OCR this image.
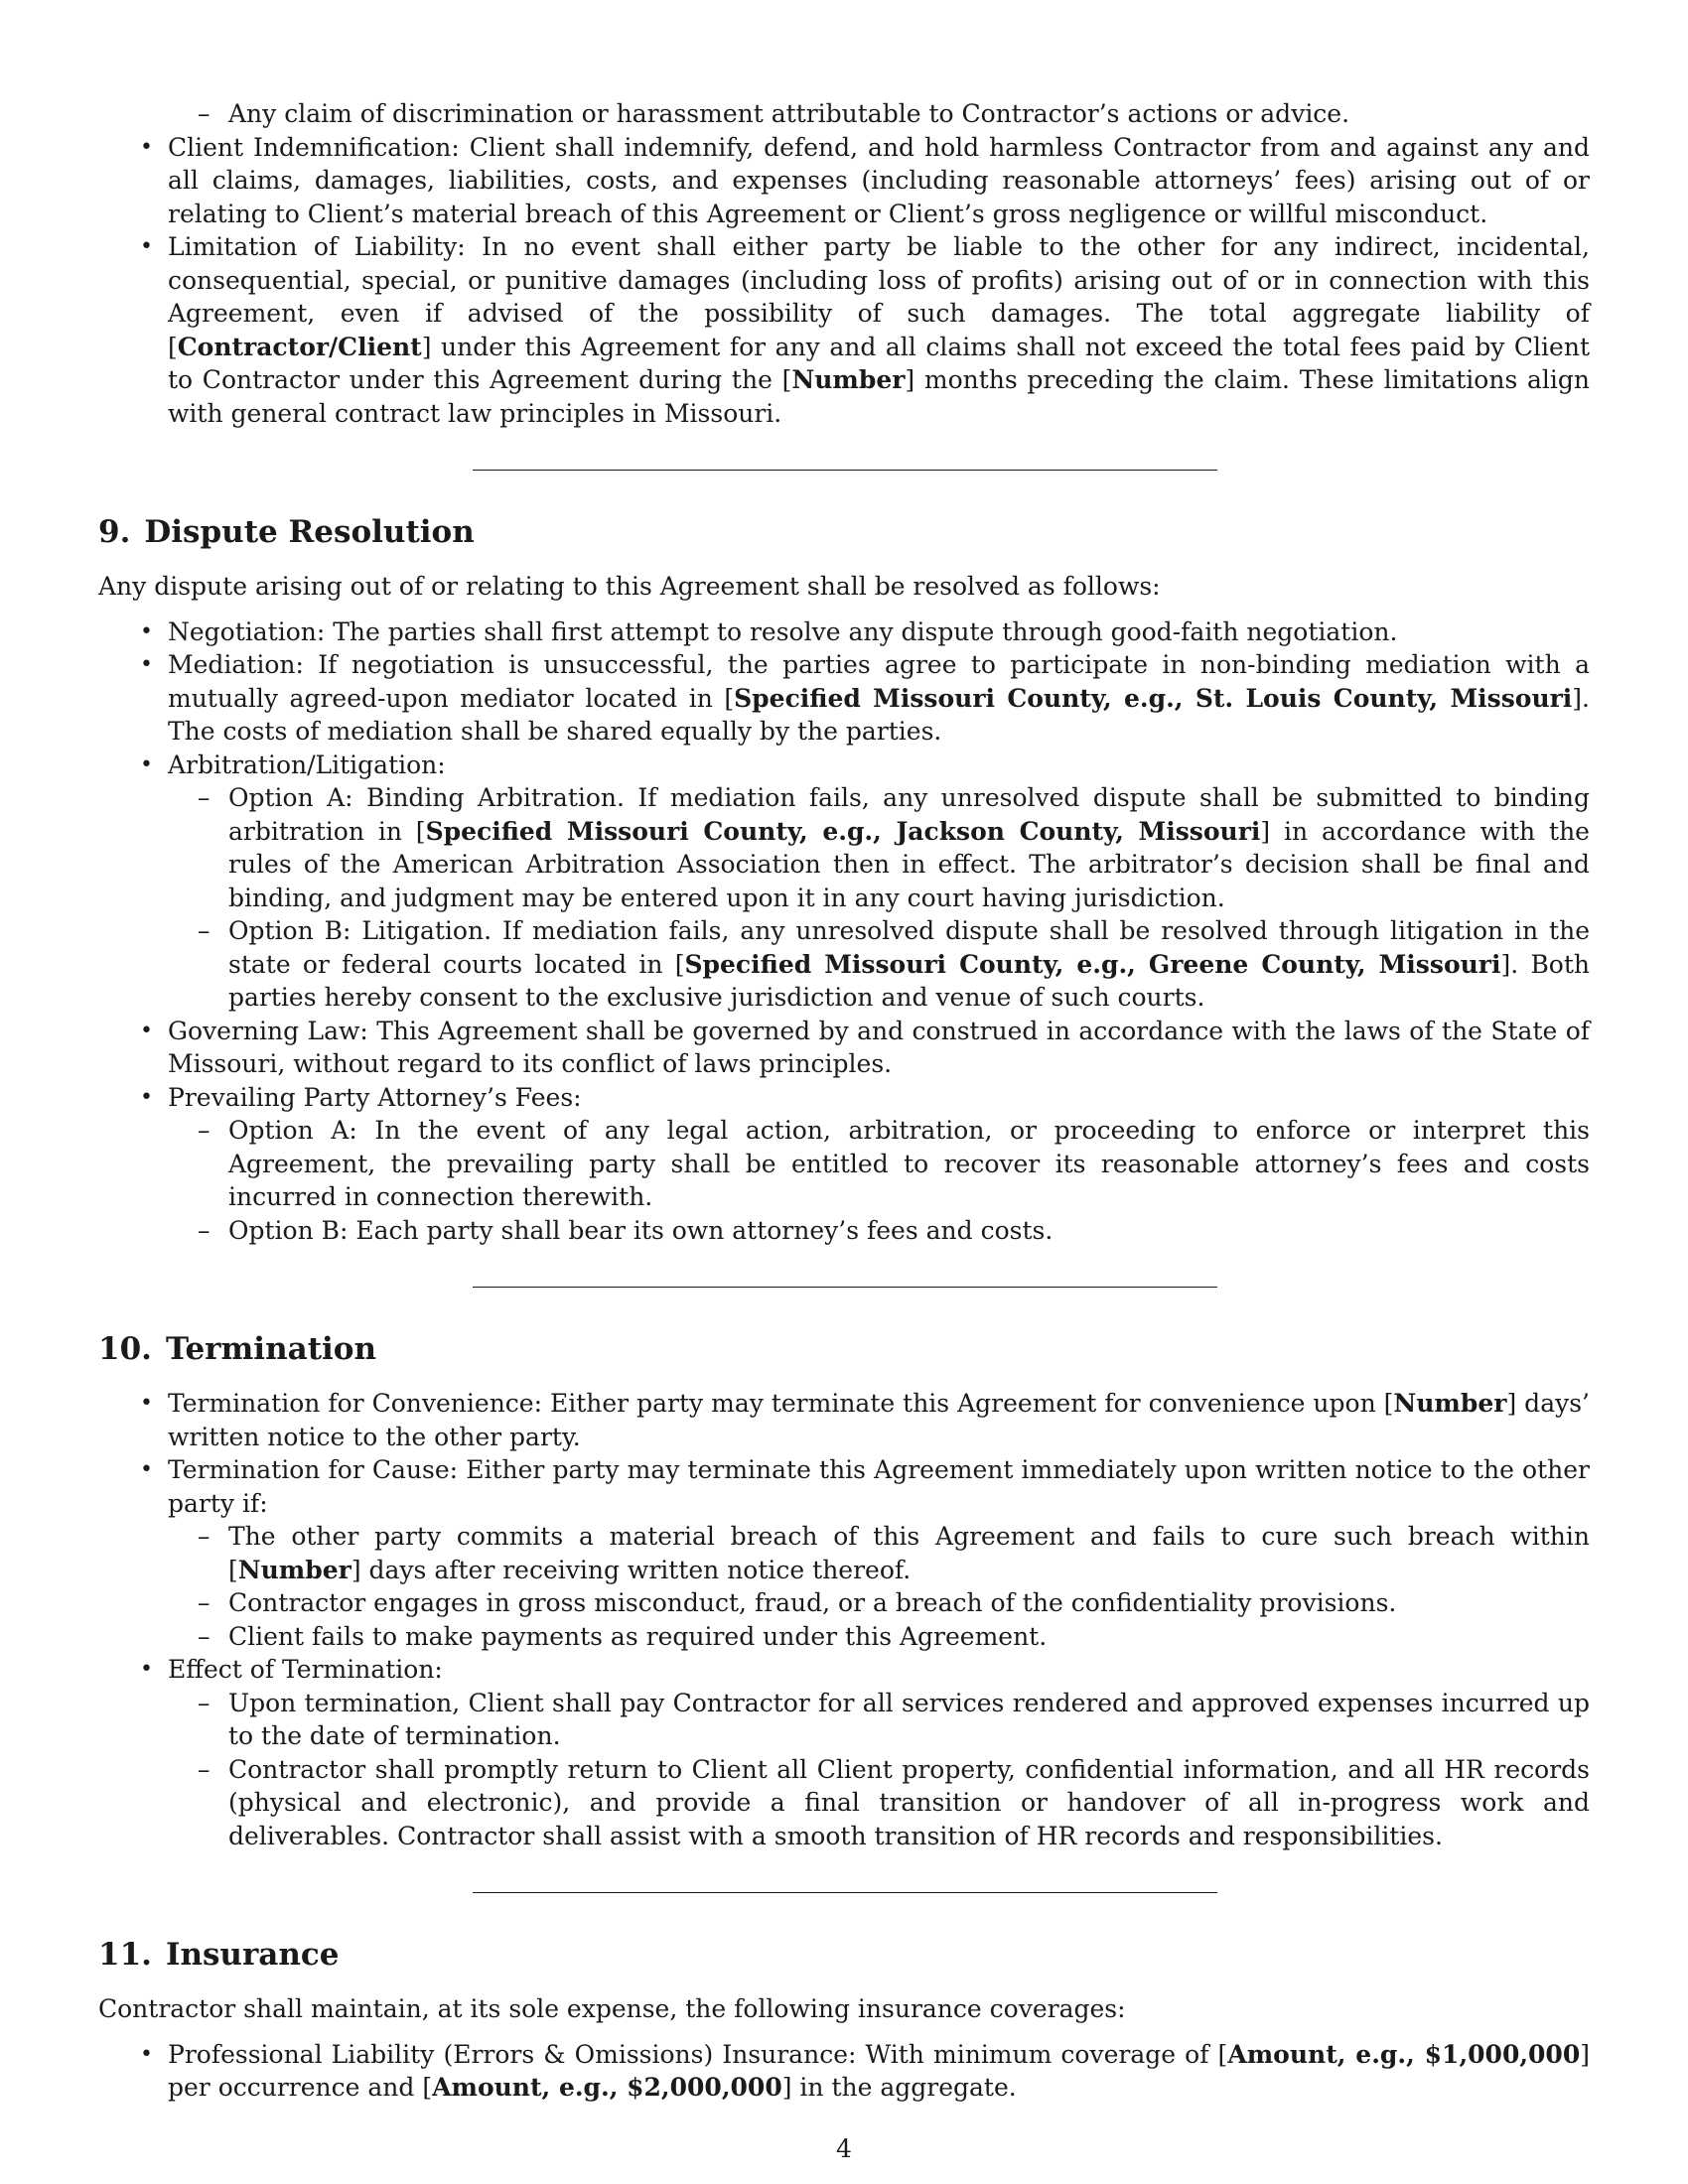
– Any claim of discrimination or harassment attributable to Contractor’s actions or advice.
• Client Indemnification: Client shall indemnify, defend, and hold harmless Contractor from and against any and all claims, damages, liabilities, costs, and expenses (including reasonable attorneys’ fees) arising out of or relating to Client’s material breach of this Agreement or Client’s gross negligence or willful misconduct.
• Limitation of Liability: In no event shall either party be liable to the other for any indirect, incidental, consequential, special, or punitive damages (including loss of profits) arising out of or in connection with this Agreement, even if advised of the possibility of such damages. The total aggregate liability of [Contractor/Client] under this Agreement for any and all claims shall not exceed the total fees paid by Client to Contractor under this Agreement during the [Number] months preceding the claim. These limitations align with general contract law principles in Missouri.
9. Dispute Resolution
Any dispute arising out of or relating to this Agreement shall be resolved as follows:
• Negotiation: The parties shall first attempt to resolve any dispute through good-faith negotiation.
• Mediation: If negotiation is unsuccessful, the parties agree to participate in non-binding mediation with a mutually agreed-upon mediator located in [Specified Missouri County, e.g., St. Louis County, Missouri]. The costs of mediation shall be shared equally by the parties.
• Arbitration/Litigation:
– Option A: Binding Arbitration. If mediation fails, any unresolved dispute shall be submitted to binding arbitration in [Specified Missouri County, e.g., Jackson County, Missouri] in accordance with the rules of the American Arbitration Association then in effect. The arbitrator’s decision shall be final and binding, and judgment may be entered upon it in any court having jurisdiction.
– Option B: Litigation. If mediation fails, any unresolved dispute shall be resolved through litigation in the state or federal courts located in [Specified Missouri County, e.g., Greene County, Missouri]. Both parties hereby consent to the exclusive jurisdiction and venue of such courts.
• Governing Law: This Agreement shall be governed by and construed in accordance with the laws of the State of Missouri, without regard to its conflict of laws principles.
• Prevailing Party Attorney’s Fees:
– Option A: In the event of any legal action, arbitration, or proceeding to enforce or interpret this Agreement, the prevailing party shall be entitled to recover its reasonable attorney’s fees and costs incurred in connection therewith.
– Option B: Each party shall bear its own attorney’s fees and costs.
10. Termination
• Termination for Convenience: Either party may terminate this Agreement for convenience upon [Number] days’ written notice to the other party.
• Termination for Cause: Either party may terminate this Agreement immediately upon written notice to the other party if:
– The other party commits a material breach of this Agreement and fails to cure such breach within [Number] days after receiving written notice thereof.
– Contractor engages in gross misconduct, fraud, or a breach of the confidentiality provisions.
– Client fails to make payments as required under this Agreement.
• Effect of Termination:
– Upon termination, Client shall pay Contractor for all services rendered and approved expenses incurred up to the date of termination.
– Contractor shall promptly return to Client all Client property, confidential information, and all HR records (physical and electronic), and provide a final transition or handover of all in-progress work and deliverables. Contractor shall assist with a smooth transition of HR records and responsibilities.
11. Insurance
Contractor shall maintain, at its sole expense, the following insurance coverages:
• Professional Liability (Errors & Omissions) Insurance: With minimum coverage of [Amount, e.g., $1,000,000] per occurrence and [Amount, e.g., $2,000,000] in the aggregate.
4
